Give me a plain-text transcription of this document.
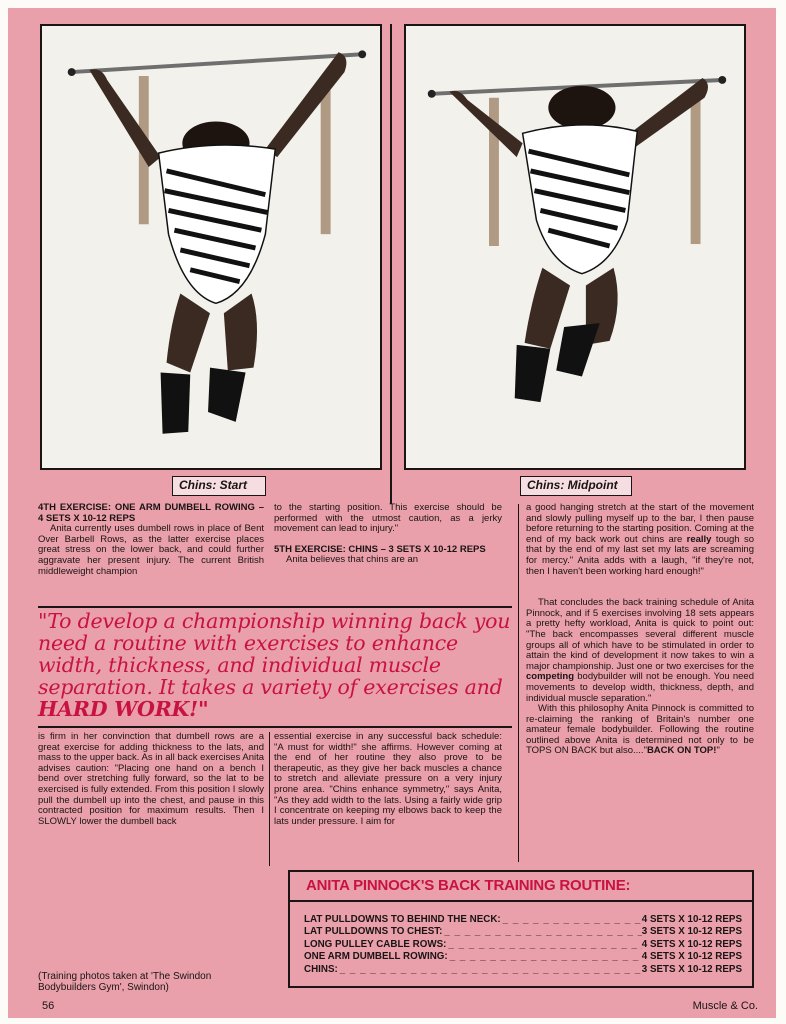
Chins: Start	Chins: Midpoint

4TH EXERCISE: ONE ARM DUMBELL ROWING – 4 SETS X 10-12 REPS

Anita currently uses dumbell rows in place of Bent Over Barbell Rows, as the latter exercise places great stress on the lower back, and could further aggravate her present injury. The current British middleweight champion

to the starting position. This exercise should be performed with the utmost caution, as a jerky movement can lead to injury."

5TH EXERCISE: CHINS – 3 SETS X 10-12 REPS

Anita believes that chins are an

a good hanging stretch at the start of the movement and slowly pulling myself up to the bar, I then pause before returning to the starting position. Coming at the end of my back work out chins are really tough so that by the end of my last set my lats are screaming for mercy." Anita adds with a laugh, "if they're not, then I haven't been working hard enough!"

That concludes the back training schedule of Anita Pinnock, and if 5 exercises involving 18 sets appears a pretty hefty workload, Anita is quick to point out: "The back encompasses several different muscle groups all of which have to be stimulated in order to attain the kind of development it now takes to win a major championship. Just one or two exercises for the competing bodybuilder will not be enough. You need movements to develop width, thickness, depth, and individual muscle separation."

With this philosophy Anita Pinnock is committed to re-claiming the ranking of Britain's number one amateur female bodybuilder. Following the routine outlined above Anita is determined not only to be TOPS ON BACK but also...."BACK ON TOP!"

"To develop a championship winning back you need a routine with exercises to enhance width, thickness, and individual muscle separation. It takes a variety of exercises and HARD WORK!"

is firm in her convinction that dumbell rows are a great exercise for adding thickness to the lats, and mass to the upper back. As in all back exercises Anita advises caution: "Placing one hand on a bench I bend over stretching fully forward, so the lat to be exercised is fully extended. From this position I slowly pull the dumbell up into the chest, and pause in this contracted position for maximum results. Then I SLOWLY lower the dumbell back

essential exercise in any successful back schedule: "A must for width!" she affirms. However coming at the end of her routine they also prove to be therapeutic, as they give her back muscles a chance to stretch and alleviate pressure on a very injury prone area. "Chins enhance symmetry," says Anita, "As they add width to the lats. Using a fairly wide grip I concentrate on keeping my elbows back to keep the lats under pressure. I aim for

(Training photos taken at 'The Swindon Bodybuilders Gym', Swindon)
ANITA PINNOCK'S BACK TRAINING ROUTINE:
LAT PULLDOWNS TO BEHIND THE NECK: _ _ _	4 SETS X 10-12 REPS
LAT PULLDOWNS TO CHEST: _ _ _	3 SETS X 10-12 REPS
LONG PULLEY CABLE ROWS: _ _ _	4 SETS X 10-12 REPS
ONE ARM DUMBELL ROWING: _ _ _	4 SETS X 10-12 REPS
CHINS: _ _ _	3 SETS X 10-12 REPS
56	Muscle & Co.
